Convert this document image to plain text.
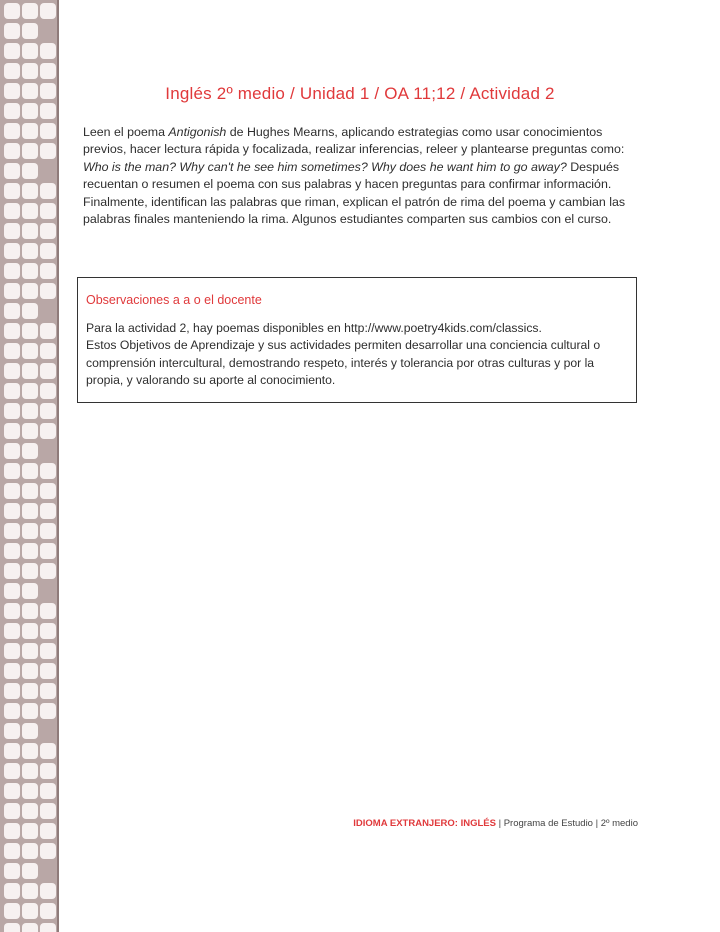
Inglés 2º medio / Unidad 1 / OA 11;12 / Actividad 2
Leen el poema Antigonish de Hughes Mearns, aplicando estrategias como usar conocimientos previos, hacer lectura rápida y focalizada, realizar inferencias, releer y plantearse preguntas como: Who is the man? Why can't he see him sometimes? Why does he want him to go away? Después recuentan o resumen el poema con sus palabras y hacen preguntas para confirmar información. Finalmente, identifican las palabras que riman, explican el patrón de rima del poema y cambian las palabras finales manteniendo la rima. Algunos estudiantes comparten sus cambios con el curso.
Observaciones a a o el docente
Para la actividad 2, hay poemas disponibles en http://www.poetry4kids.com/classics.
Estos Objetivos de Aprendizaje y sus actividades permiten desarrollar una conciencia cultural o comprensión intercultural, demostrando respeto, interés y tolerancia por otras culturas y por la propia, y valorando su aporte al conocimiento.
IDIOMA EXTRANJERO: INGLÉS | Programa de Estudio | 2º medio
